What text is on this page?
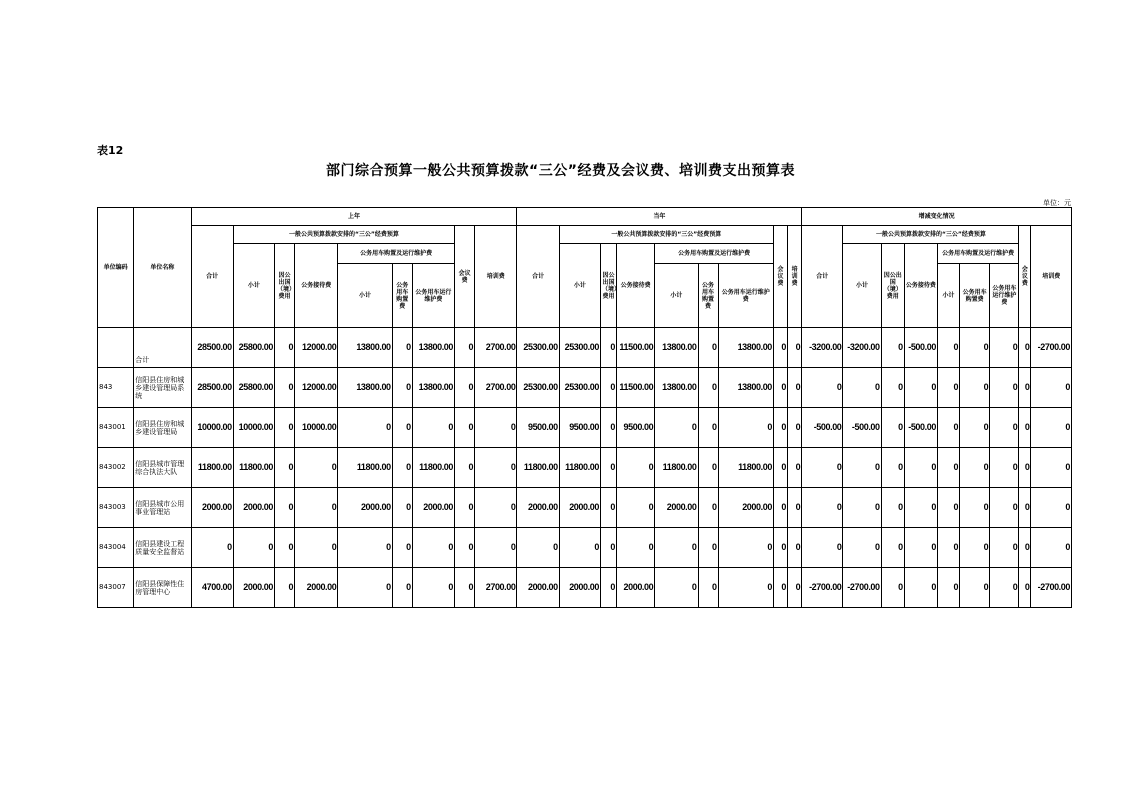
表12
部门综合预算一般公共预算拨款“三公”经费及会议费、培训费支出预算表
单位：元
单位编码	单位名称	上年									当年									增减变化情况								
		合计	一般公共预算拨款安排的“三公”经费预算						会议费	培训费	合计	一般公共预算拨款安排的“三公”经费预算						会议费	培训费	合计	一般公共预算拨款安排的“三公”经费预算						会议费	培训费
			小计	因公出国（境）费用	公务接待费	公务用车购置及运行维护费						小计	因公出国（境）费用	公务接待费	公务用车购置及运行维护费						小计	因公出国（境）费用	公务接待费	公务用车购置及运行维护费				
						小计	公务用车购置费	公务用车运行维护费							小计	公务用车购置费	公务用车运行维护费							小计	公务用车购置费	公务用车运行维护费		
	合计	28500.00	25800.00	0	12000.00	13800.00	0	13800.00	0	2700.00	25300.00	25300.00	0	11500.00	13800.00	0	13800.00	0	0	-3200.00	-3200.00	0	-500.00	0	0	0	0	-2700.00
843	信阳县住房和城乡建设管理局系统	28500.00	25800.00	0	12000.00	13800.00	0	13800.00	0	2700.00	25300.00	25300.00	0	11500.00	13800.00	0	13800.00	0	0	0	0	0	0	0	0	0	0	0
843001	信阳县住房和城乡建设管理局	10000.00	10000.00	0	10000.00	0	0	0	0	0	9500.00	9500.00	0	9500.00	0	0	0	0	0	-500.00	-500.00	0	-500.00	0	0	0	0	0
843002	信阳县城市管理综合执法大队	11800.00	11800.00	0	0	11800.00	0	11800.00	0	0	11800.00	11800.00	0	0	11800.00	0	11800.00	0	0	0	0	0	0	0	0	0	0	0
843003	信阳县城市公用事业管理站	2000.00	2000.00	0	0	2000.00	0	2000.00	0	0	2000.00	2000.00	0	0	2000.00	0	2000.00	0	0	0	0	0	0	0	0	0	0	0
843004	信阳县建设工程质量安全监督站	0	0	0	0	0	0	0	0	0	0	0	0	0	0	0	0	0	0	0	0	0	0	0	0	0	0	0
843007	信阳县保障性住房管理中心	4700.00	2000.00	0	2000.00	0	0	0	0	2700.00	2000.00	2000.00	0	2000.00	0	0	0	0	0	-2700.00	-2700.00	0	0	0	0	0	0	-2700.00
